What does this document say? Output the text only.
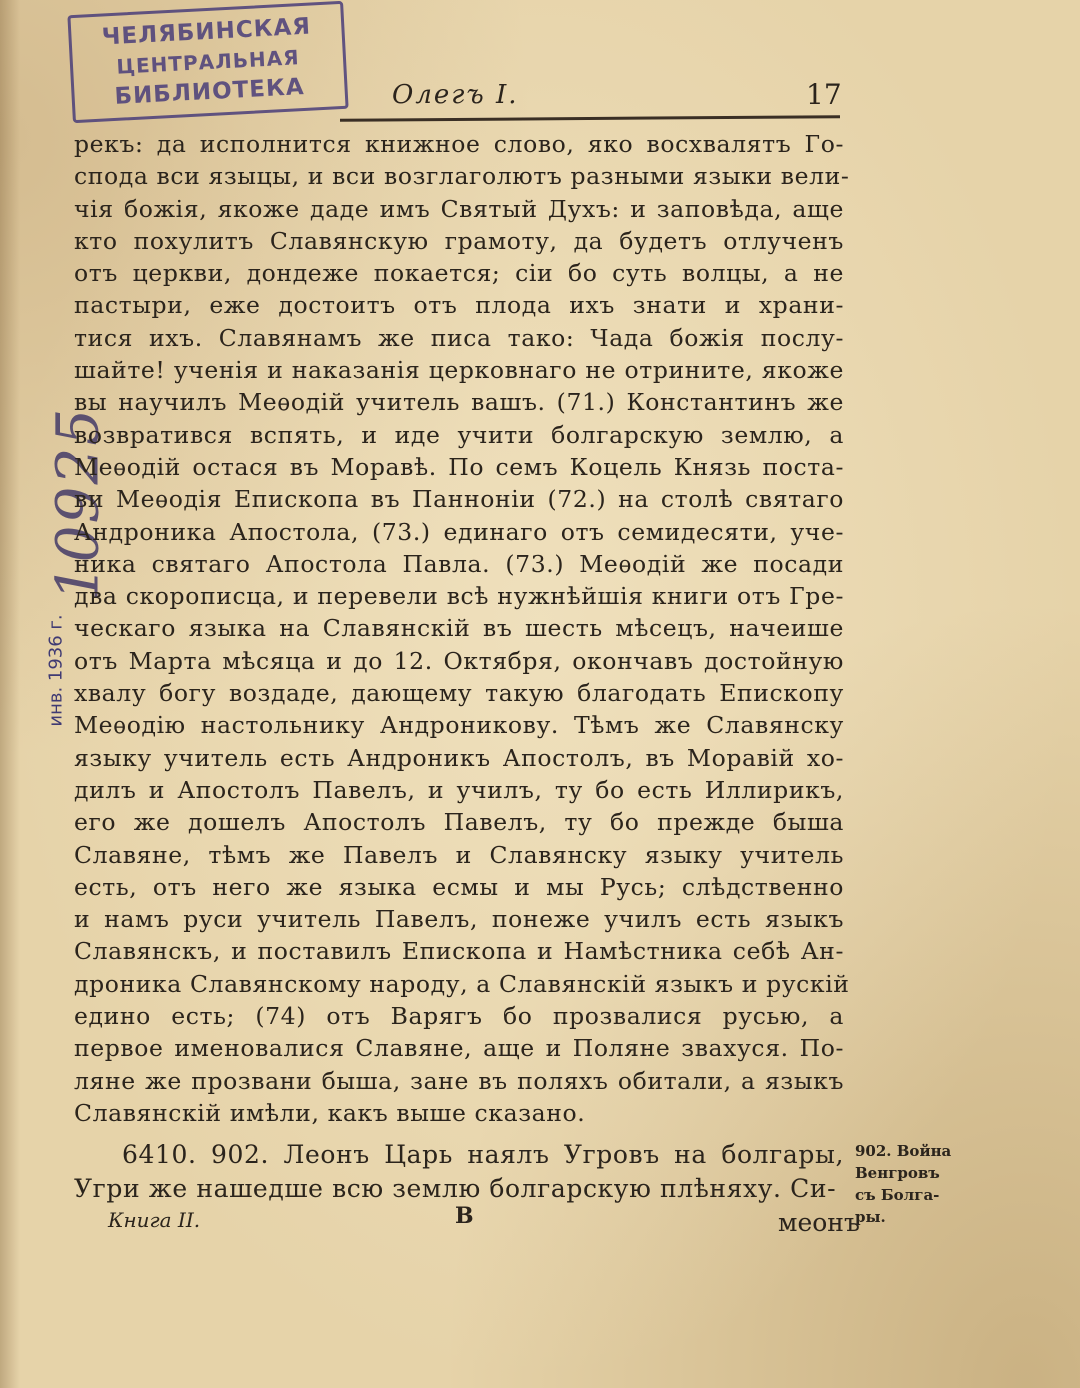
ЧЕЛЯБИНСКАЯ
ЦЕНТРАЛЬНАЯ
БИБЛИОТЕКА	Олегъ I.	17
10925
инв. 1936 г.
рекъ: да исполнится книжное слово, яко восхвалятъ Го-
спода вси языцы, и вси возглаголютъ разными языки вели-
чія божія, якоже даде имъ Святый Духъ: и заповѣда, аще
кто похулитъ Славянскую грамоту, да будетъ отлученъ
отъ церкви, дондеже покается; сіи бо суть волцы, а не
пастыри, еже достоитъ отъ плода ихъ знати и храни-
тися ихъ. Славянамъ же писа тако: Чада божія послу-
шайте! ученія и наказанія церковнаго не отрините, якоже
вы научилъ Меѳодій учитель вашъ. (71.) Константинъ же
возвратився вспять, и иде учити болгарскую землю, а
Меѳодій остася въ Моравѣ. По семъ Коцель Князь поста-
ви Меѳодія Епископа въ Паннонiи (72.) на столѣ святаго
Андроника Апостола, (73.) единаго отъ семидесяти, уче-
ника святаго Апостола Павла. (73.) Меѳодій же посади
два скорописца, и перевели всѣ нужнѣйшія книги отъ Гре-
ческаго языка на Славянскій въ шесть мѣсецъ, начеише
отъ Марта мѣсяца и до 12. Октября, окончавъ достойную
хвалу богу воздаде, дающему такую благодать Епископу
Меѳодію настольнику Андроникову. Тѣмъ же Славянску
языку учитель есть Андроникъ Апостолъ, въ Моравій хо-
дилъ и Апостолъ Павелъ, и училъ, ту бо есть Иллирикъ,
его же дошелъ Апостолъ Павелъ, ту бо прежде быша
Славяне, тѣмъ же Павелъ и Славянску языку учитель
есть, отъ него же языка есмы и мы Русь; слѣдственно
и намъ руси учитель Павелъ, понеже училъ есть языкъ
Славянскъ, и поставилъ Епископа и Намѣстника себѣ Ан-
дроника Славянскому народу, а Славянскій языкъ и рускій
едино есть; (74) отъ Варягъ бо прозвалися русью, а
первое именовалися Славяне, аще и Поляне звахуся. По-
ляне же прозвани быша, зане въ поляхъ обитали, а языкъ
Славянскій имѣли, какъ выше сказано.
6410. 902. Леонъ Царь наялъ Угровъ на болгары,
Угри же нашедше всю землю болгарскую плѣняху. Си-
902. Война
Венгровъ
съ Болга-
ры.
Книга II.	В	меонъ
